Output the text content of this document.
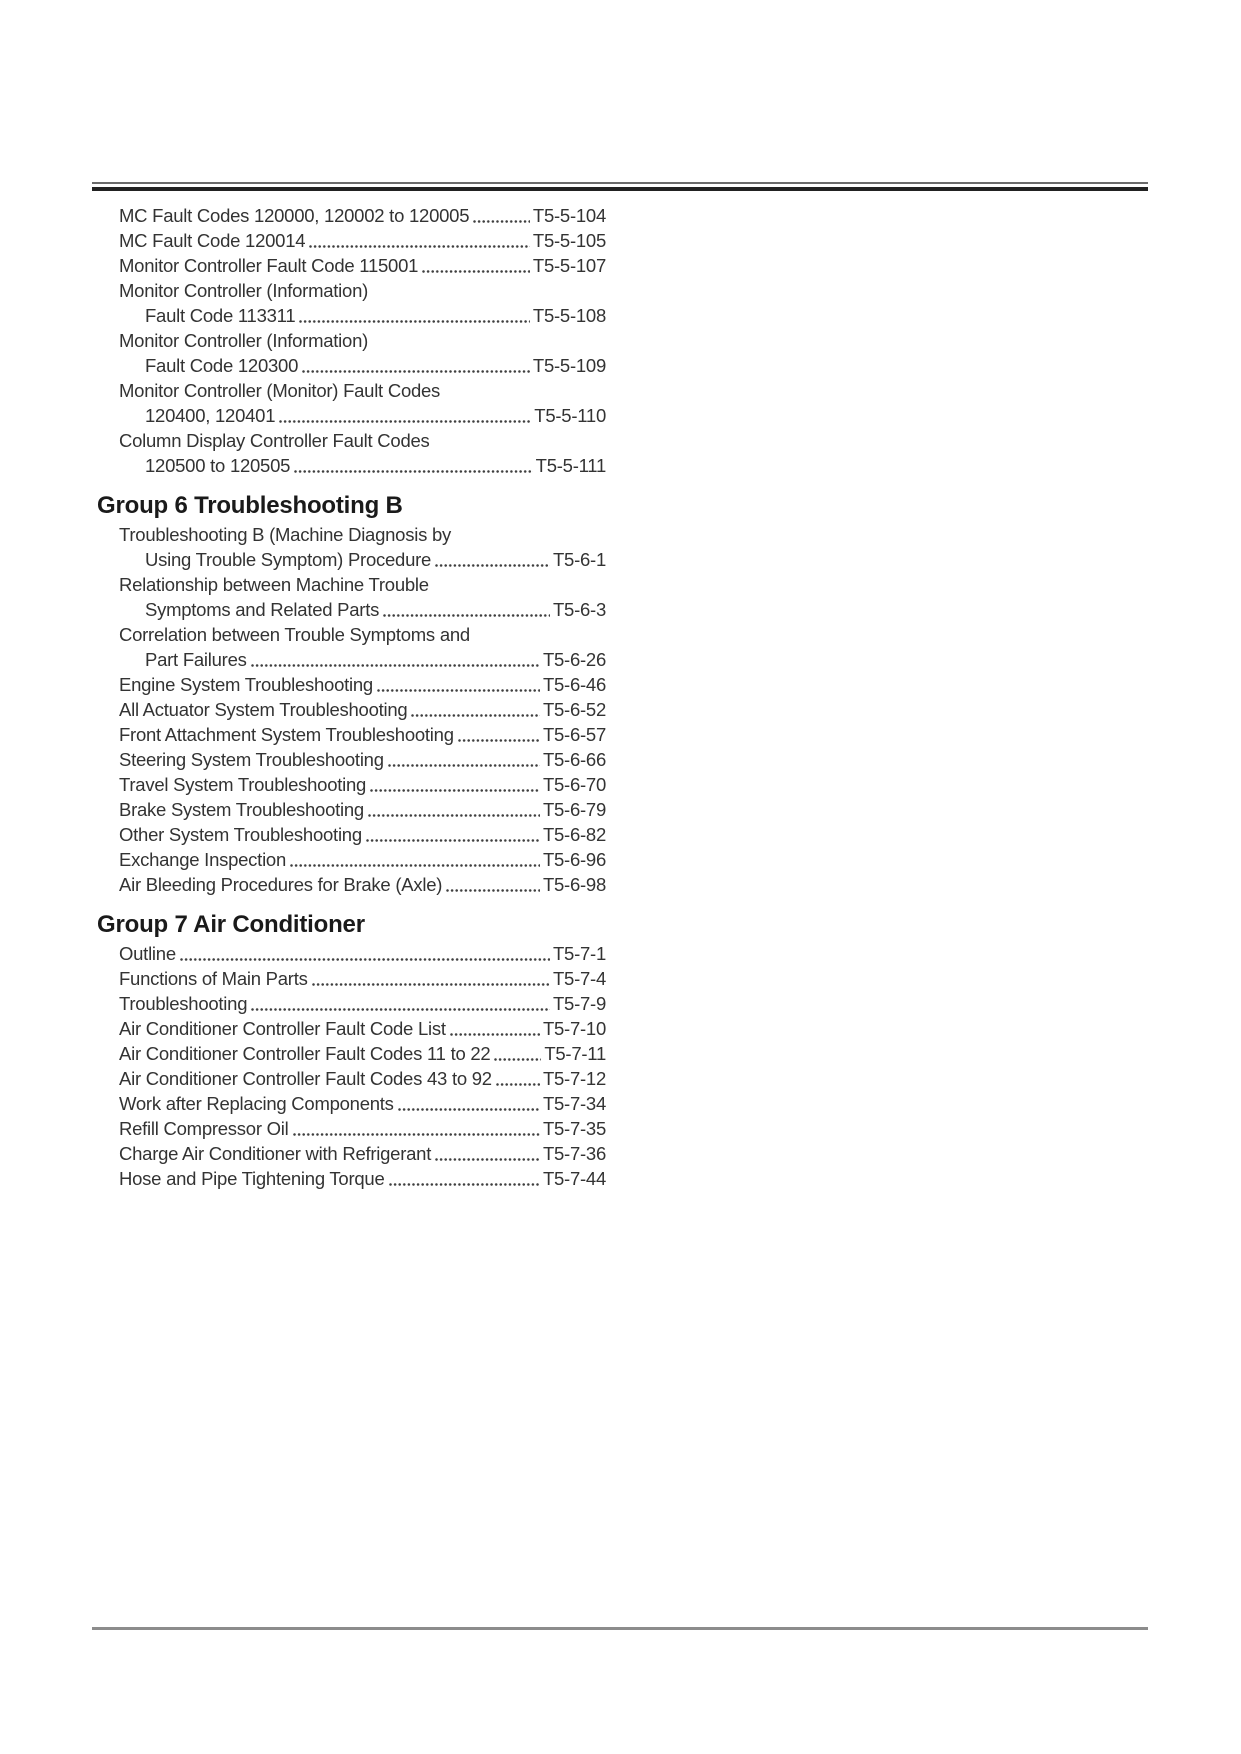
MC Fault Codes 120000, 120002 to 120005	T5-5-104
MC Fault Code 120014	T5-5-105
Monitor Controller Fault Code 115001	T5-5-107
Monitor Controller (Information)
Fault Code 113311	T5-5-108
Monitor Controller (Information)
Fault Code 120300	T5-5-109
Monitor Controller (Monitor) Fault Codes
120400, 120401	T5-5-110
Column Display Controller Fault Codes
120500 to 120505	T5-5-111
Group 6 Troubleshooting B
Troubleshooting B (Machine Diagnosis by
Using Trouble Symptom) Procedure	T5-6-1
Relationship between Machine Trouble
Symptoms and Related Parts	T5-6-3
Correlation between Trouble Symptoms and
Part Failures	T5-6-26
Engine System Troubleshooting	T5-6-46
All Actuator System Troubleshooting	T5-6-52
Front Attachment System Troubleshooting	T5-6-57
Steering System Troubleshooting	T5-6-66
Travel System Troubleshooting	T5-6-70
Brake System Troubleshooting	T5-6-79
Other System Troubleshooting	T5-6-82
Exchange Inspection	T5-6-96
Air Bleeding Procedures for Brake (Axle)	T5-6-98
Group 7 Air Conditioner
Outline	T5-7-1
Functions of Main Parts	T5-7-4
Troubleshooting	T5-7-9
Air Conditioner Controller Fault Code List	T5-7-10
Air Conditioner Controller Fault Codes 11 to 22	T5-7-11
Air Conditioner Controller Fault Codes 43 to 92	T5-7-12
Work after Replacing Components	T5-7-34
Refill Compressor Oil	T5-7-35
Charge Air Conditioner with Refrigerant	T5-7-36
Hose and Pipe Tightening Torque	T5-7-44
